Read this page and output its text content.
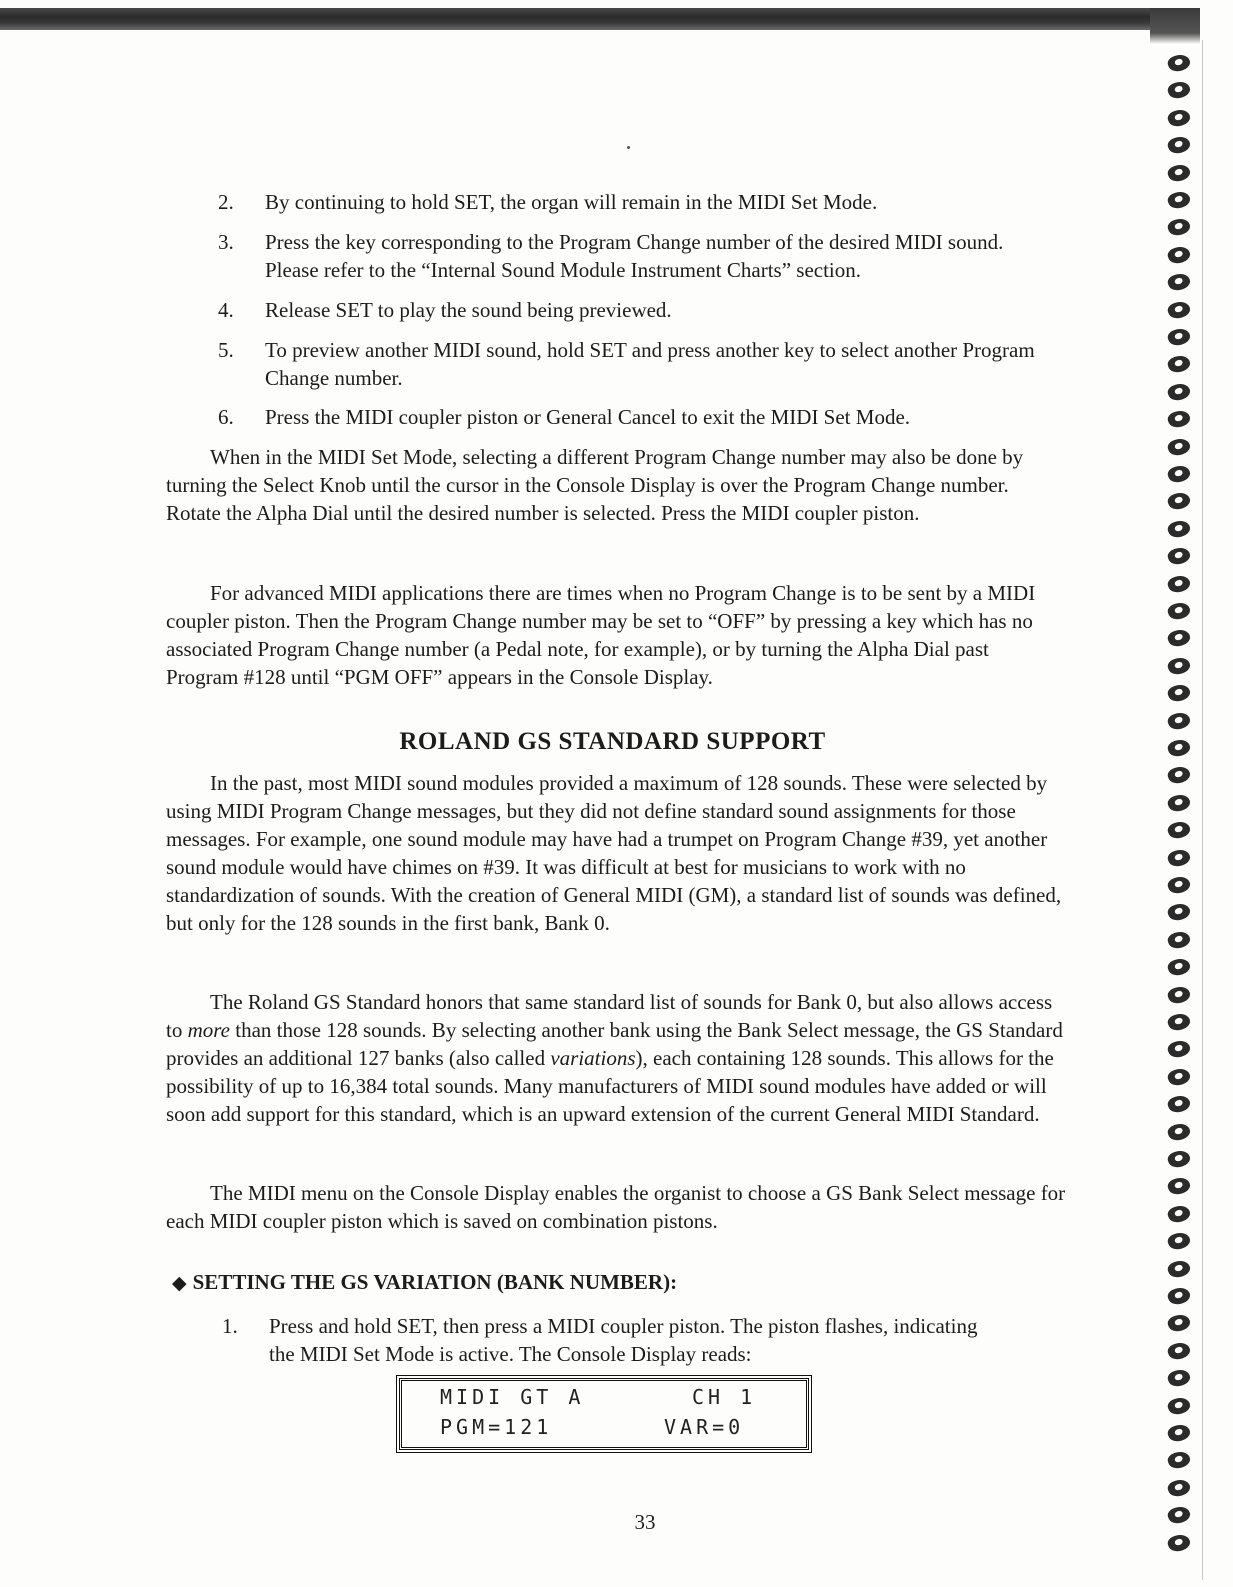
2. By continuing to hold SET, the organ will remain in the MIDI Set Mode.
3. Press the key corresponding to the Program Change number of the desired MIDI sound. Please refer to the “Internal Sound Module Instrument Charts” section.
4. Release SET to play the sound being previewed.
5. To preview another MIDI sound, hold SET and press another key to select another Program Change number.
6. Press the MIDI coupler piston or General Cancel to exit the MIDI Set Mode.
When in the MIDI Set Mode, selecting a different Program Change number may also be done by turning the Select Knob until the cursor in the Console Display is over the Program Change number. Rotate the Alpha Dial until the desired number is selected. Press the MIDI coupler piston.
For advanced MIDI applications there are times when no Program Change is to be sent by a MIDI coupler piston. Then the Program Change number may be set to “OFF” by pressing a key which has no associated Program Change number (a Pedal note, for example), or by turning the Alpha Dial past Program #128 until “PGM OFF” appears in the Console Display.
ROLAND GS STANDARD SUPPORT
In the past, most MIDI sound modules provided a maximum of 128 sounds. These were selected by using MIDI Program Change messages, but they did not define standard sound assignments for those messages. For example, one sound module may have had a trumpet on Program Change #39, yet another sound module would have chimes on #39. It was difficult at best for musicians to work with no standardization of sounds. With the creation of General MIDI (GM), a standard list of sounds was defined, but only for the 128 sounds in the first bank, Bank 0.
The Roland GS Standard honors that same standard list of sounds for Bank 0, but also allows access to more than those 128 sounds. By selecting another bank using the Bank Select message, the GS Standard provides an additional 127 banks (also called variations), each containing 128 sounds. This allows for the possibility of up to 16,384 total sounds. Many manufacturers of MIDI sound modules have added or will soon add support for this standard, which is an upward extension of the current General MIDI Standard.
The MIDI menu on the Console Display enables the organist to choose a GS Bank Select message for each MIDI coupler piston which is saved on combination pistons.
◆ SETTING THE GS VARIATION (BANK NUMBER):
1. Press and hold SET, then press a MIDI coupler piston. The piston flashes, indicating the MIDI Set Mode is active. The Console Display reads:
MIDI GT A	CH 1
PGM=121	VAR=0
33
